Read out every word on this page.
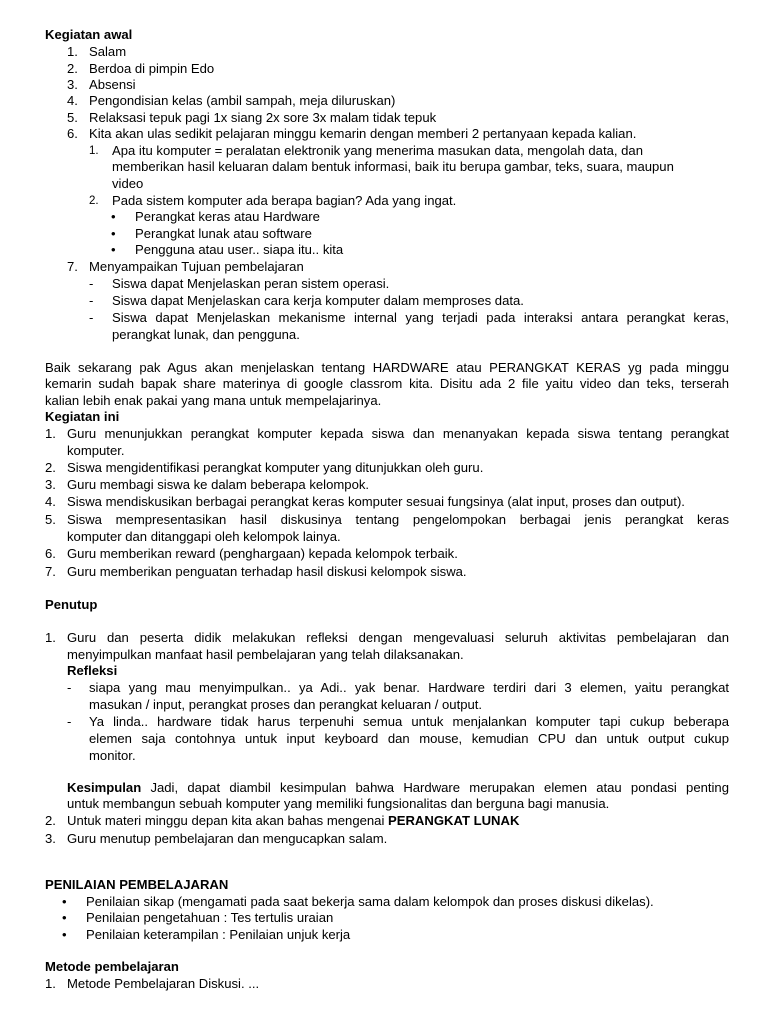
Kegiatan awal
1. Salam
2. Berdoa di pimpin Edo
3. Absensi
4. Pengondisian kelas (ambil sampah, meja diluruskan)
5. Relaksasi tepuk pagi 1x siang 2x sore 3x malam tidak tepuk
6. Kita akan ulas sedikit pelajaran minggu kemarin dengan memberi 2 pertanyaan kepada kalian.
1. Apa itu komputer = peralatan elektronik yang menerima masukan data, mengolah data, dan
memberikan hasil keluaran dalam bentuk informasi, baik itu berupa gambar, teks, suara, maupun
video
2. Pada sistem komputer ada berapa bagian? Ada yang ingat.
• Perangkat keras atau Hardware
• Perangkat lunak atau software
• Pengguna atau user.. siapa itu.. kita
7. Menyampaikan Tujuan pembelajaran
- Siswa dapat Menjelaskan peran sistem operasi.
- Siswa dapat Menjelaskan cara kerja komputer dalam memproses data.
- Siswa dapat Menjelaskan mekanisme internal yang terjadi pada interaksi antara perangkat keras,
perangkat lunak, dan pengguna.
Baik sekarang pak Agus akan menjelaskan tentang HARDWARE atau PERANGKAT KERAS yg pada minggu
kemarin sudah bapak share materinya di google classrom kita. Disitu ada 2 file yaitu video dan teks, terserah
kalian lebih enak pakai yang mana untuk mempelajarinya.
Kegiatan ini
1. Guru menunjukkan perangkat komputer kepada siswa dan menanyakan kepada siswa tentang perangkat
komputer.
2. Siswa mengidentifikasi perangkat komputer yang ditunjukkan oleh guru.
3. Guru membagi siswa ke dalam beberapa kelompok.
4. Siswa mendiskusikan berbagai perangkat keras komputer sesuai fungsinya (alat input, proses dan output).
5. Siswa mempresentasikan hasil diskusinya tentang pengelompokan berbagai jenis perangkat keras
komputer dan ditanggapi oleh kelompok lainya.
6. Guru memberikan reward (penghargaan) kepada kelompok terbaik.
7. Guru memberikan penguatan terhadap hasil diskusi kelompok siswa.
Penutup
1. Guru dan peserta didik melakukan refleksi dengan mengevaluasi seluruh aktivitas pembelajaran dan
menyimpulkan manfaat hasil pembelajaran yang telah dilaksanakan.
Refleksi
- siapa yang mau menyimpulkan.. ya Adi.. yak benar. Hardware terdiri dari 3 elemen, yaitu perangkat
masukan / input, perangkat proses dan perangkat keluaran / output.
- Ya linda.. hardware tidak harus terpenuhi semua untuk menjalankan komputer tapi cukup beberapa
elemen saja contohnya untuk input keyboard dan mouse, kemudian CPU dan untuk output cukup
monitor.
Kesimpulan Jadi, dapat diambil kesimpulan bahwa Hardware merupakan elemen atau pondasi penting
untuk membangun sebuah komputer yang memiliki fungsionalitas dan berguna bagi manusia.
2. Untuk materi minggu depan kita akan bahas mengenai PERANGKAT LUNAK
3. Guru menutup pembelajaran dan mengucapkan salam.
PENILAIAN PEMBELAJARAN
• Penilaian sikap (mengamati pada saat bekerja sama dalam kelompok dan proses diskusi dikelas).
• Penilaian pengetahuan : Tes tertulis uraian
• Penilaian keterampilan : Penilaian unjuk kerja
Metode pembelajaran
1. Metode Pembelajaran Diskusi. ...
